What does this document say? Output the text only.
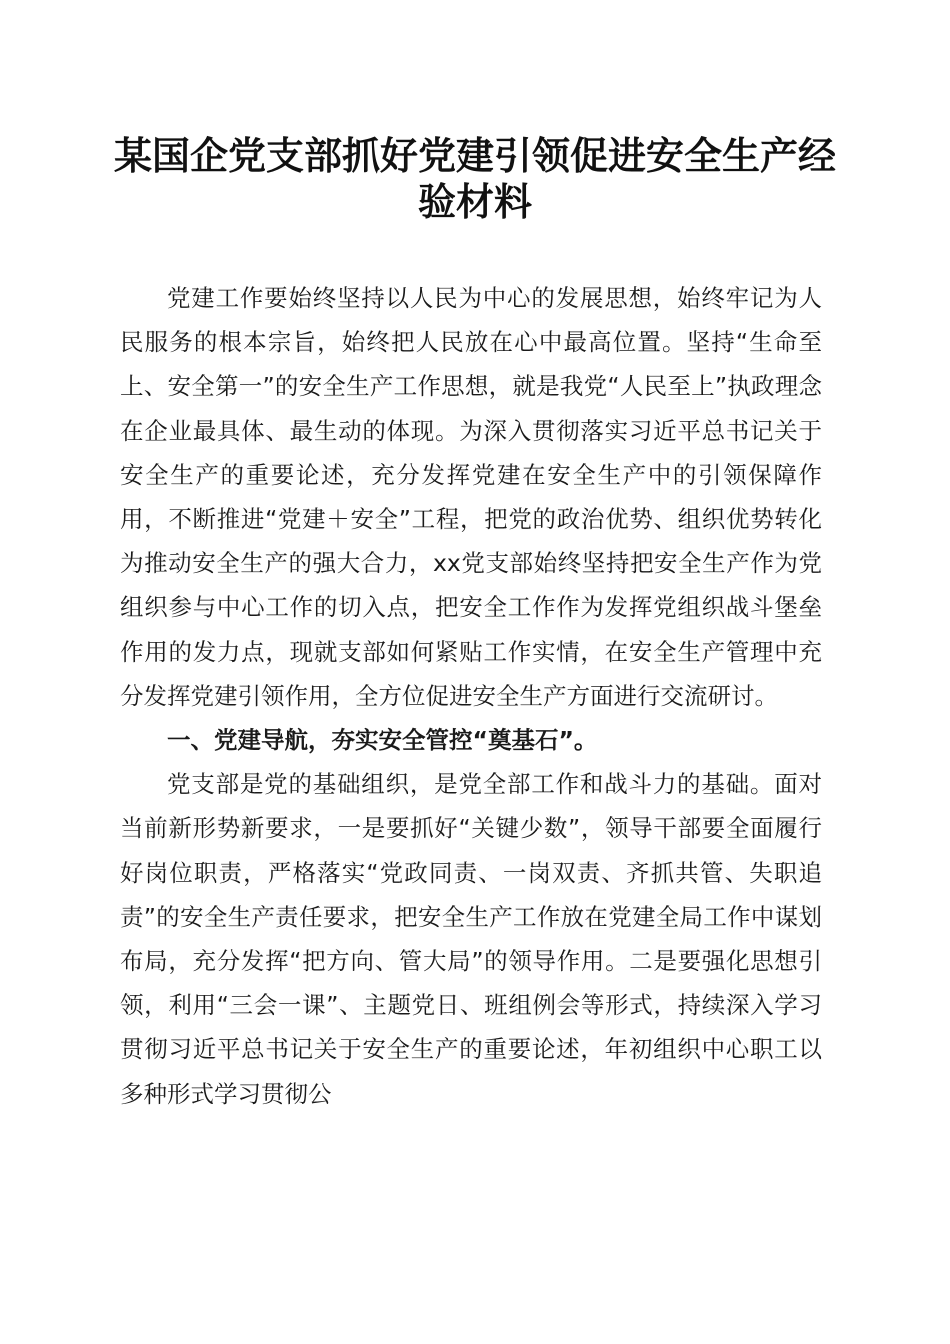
某国企党支部抓好党建引领促进安全生产经验材料

党建工作要始终坚持以人民为中心的发展思想，始终牢记为人民服务的根本宗旨，始终把人民放在心中最高位置。坚持“生命至上、安全第一”的安全生产工作思想，就是我党“人民至上”执政理念在企业最具体、最生动的体现。为深入贯彻落实习近平总书记关于安全生产的重要论述，充分发挥党建在安全生产中的引领保障作用，不断推进“党建＋安全”工程，把党的政治优势、组织优势转化为推动安全生产的强大合力，xx党支部始终坚持把安全生产作为党组织参与中心工作的切入点，把安全工作作为发挥党组织战斗堡垒作用的发力点，现就支部如何紧贴工作实情，在安全生产管理中充分发挥党建引领作用，全方位促进安全生产方面进行交流研讨。

一、党建导航，夯实安全管控“奠基石”。

党支部是党的基础组织，是党全部工作和战斗力的基础。面对当前新形势新要求，一是要抓好“关键少数”，领导干部要全面履行好岗位职责，严格落实“党政同责、一岗双责、齐抓共管、失职追责”的安全生产责任要求，把安全生产工作放在党建全局工作中谋划布局，充分发挥“把方向、管大局”的领导作用。二是要强化思想引领，利用“三会一课”、主题党日、班组例会等形式，持续深入学习贯彻习近平总书记关于安全生产的重要论述，年初组织中心职工以多种形式学习贯彻公
